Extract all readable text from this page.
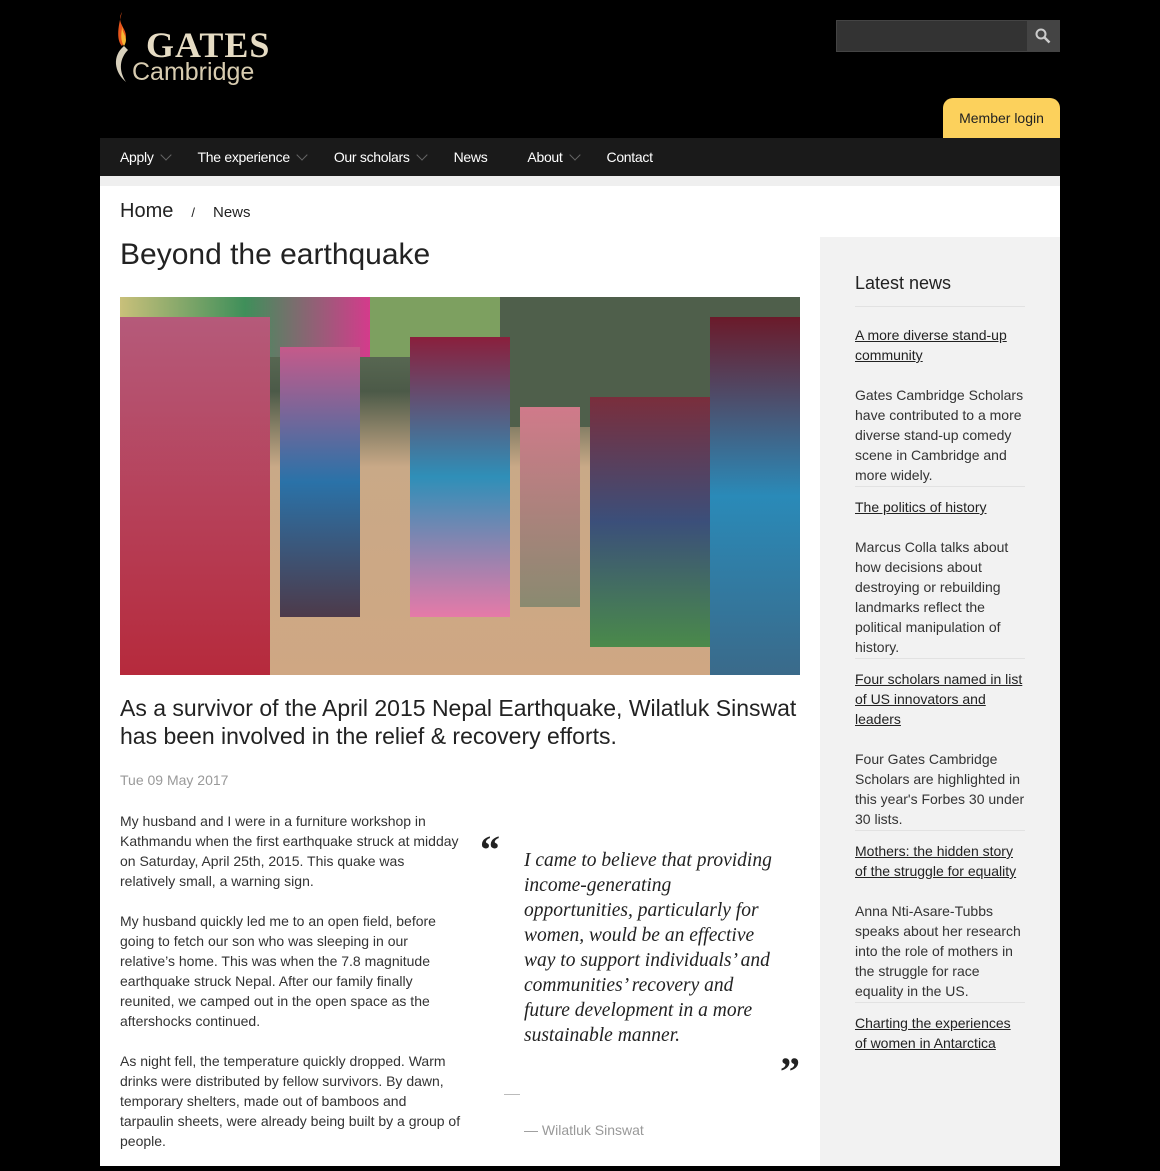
GATES
Cambridge
Member login
Apply	The experience	Our scholars	News	About	Contact
Home / News
Beyond the earthquake
As a survivor of the April 2015 Nepal Earthquake, Wilatluk Sinswat has been involved in the relief & recovery efforts.
Tue 09 May 2017

My husband and I were in a furniture workshop in Kathmandu when the first earthquake struck at midday on Saturday, April 25th, 2015. This quake was relatively small, a warning sign.

My husband quickly led me to an open field, before going to fetch our son who was sleeping in our relative’s home. This was when the 7.8 magnitude earthquake struck Nepal. After our family finally reunited, we camped out in the open space as the aftershocks continued.

As night fell, the temperature quickly dropped. Warm drinks were distributed by fellow survivors. By dawn, temporary shelters, made out of bamboos and tarpaulin sheets, were already being built by a group of people.

“ I came to believe that providing income-generating opportunities, particularly for women, would be an effective way to support individuals’ and communities’ recovery and future development in a more sustainable manner.
”
— Wilatluk Sinswat
Latest news
A more diverse stand-up community

Gates Cambridge Scholars have contributed to a more diverse stand-up comedy scene in Cambridge and more widely.

The politics of history

Marcus Colla talks about how decisions about destroying or rebuilding landmarks reflect the political manipulation of history.

Four scholars named in list of US innovators and leaders

Four Gates Cambridge Scholars are highlighted in this year's Forbes 30 under 30 lists.

Mothers: the hidden story of the struggle for equality

Anna Nti-Asare-Tubbs speaks about her research into the role of mothers in the struggle for race equality in the US.

Charting the experiences of women in Antarctica
